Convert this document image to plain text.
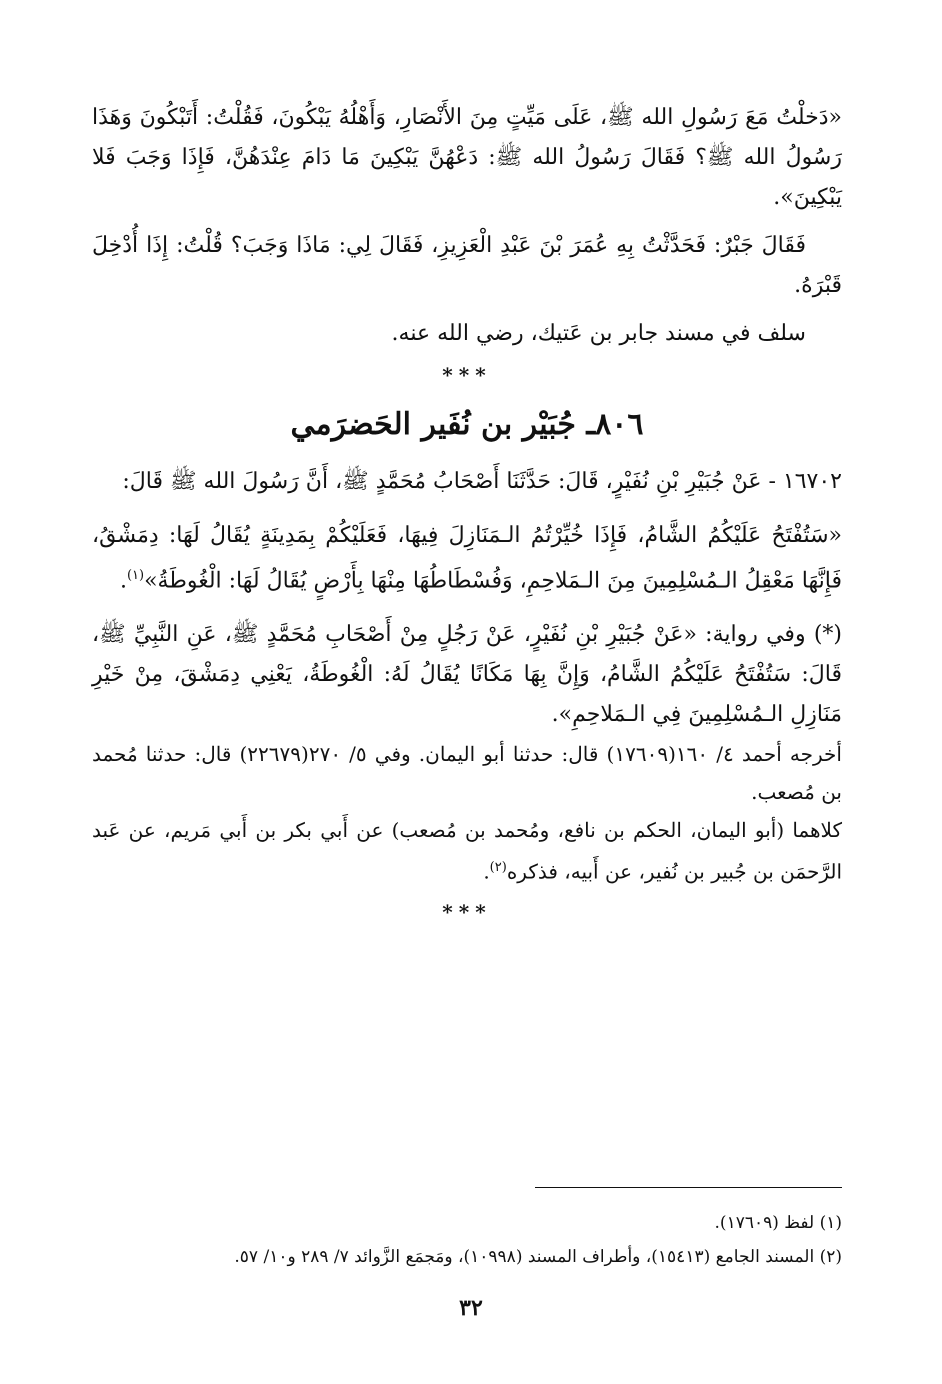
«دَخلْتُ مَعَ رَسُولِ الله ﷺ، عَلَى مَيِّتٍ مِنَ الأَنْصَارِ، وَأَهْلُهُ يَبْكُونَ، فَقُلْتُ: أَتَبْكُونَ وَهَذَا رَسُولُ الله ﷺ؟ فَقَالَ رَسُولُ الله ﷺ: دَعْهُنَّ يَبْكِينَ مَا دَامَ عِنْدَهُنَّ، فَإِذَا وَجَبَ فَلا يَبْكِينَ».

فَقَالَ جَبْرٌ: فَحَدَّثْتُ بِهِ عُمَرَ بْنَ عَبْدِ الْعَزِيزِ، فَقَالَ لِي: مَاذَا وَجَبَ؟ قُلْتُ: إِذَا أُدْخِلَ قَبْرَهُ.

سلف في مسند جابر بن عَتيك، رضي الله عنه.

***
٨٠٦ـ جُبَيْر بن نُفَير الحَضرَمي

١٦٧٠٢ - عَنْ جُبَيْرِ بْنِ نُفَيْرٍ، قَالَ: حَدَّثَنَا أَصْحَابُ مُحَمَّدٍ ﷺ، أَنَّ رَسُولَ الله ﷺ قَالَ:

«سَتُفْتَحُ عَلَيْكُمُ الشَّامُ، فَإِذَا خُيِّرْتُمُ الـمَنَازِلَ فِيهَا، فَعَلَيْكُمْ بِمَدِينَةٍ يُقَالُ لَهَا: دِمَشْقُ، فَإِنَّهَا مَعْقِلُ الـمُسْلِمِينَ مِنَ الـمَلاحِمِ، وَفُسْطَاطُهَا مِنْهَا بِأَرْضٍ يُقَالُ لَهَا: الْغُوطَةُ»$^{(١)}$.

(*) وفي رواية: «عَنْ جُبَيْرِ بْنِ نُفَيْرٍ، عَنْ رَجُلٍ مِنْ أَصْحَابِ مُحَمَّدٍ ﷺ، عَنِ النَّبِيِّ ﷺ، قَالَ: سَتُفْتَحُ عَلَيْكُمُ الشَّامُ، وَإِنَّ بِهَا مَكَانًا يُقَالُ لَهُ: الْغُوطَةُ، يَعْنِي دِمَشْقَ، مِنْ خَيْرِ مَنَازِلِ الـمُسْلِمِينَ فِي الـمَلاحِمِ».

أخرجه أحمد ٤/ ١٦٠(١٧٦٠٩) قال: حدثنا أبو اليمان. وفي ٥/ ٢٧٠(٢٢٦٧٩) قال: حدثنا مُحمد بن مُصعب.

كلاهما (أبو اليمان، الحكم بن نافع، ومُحمد بن مُصعب) عن أَبي بكر بن أَبي مَريم، عن عَبد الرَّحمَن بن جُبير بن نُفير، عن أَبيه، فذكره$^{(٢)}$.

***

(١) لفظ (١٧٦٠٩).

(٢) المسند الجامع (١٥٤١٣)، وأطراف المسند (١٠٩٩٨)، ومَجمَع الزَّوائد ٧/ ٢٨٩ و١٠/ ٥٧.

٣٢
